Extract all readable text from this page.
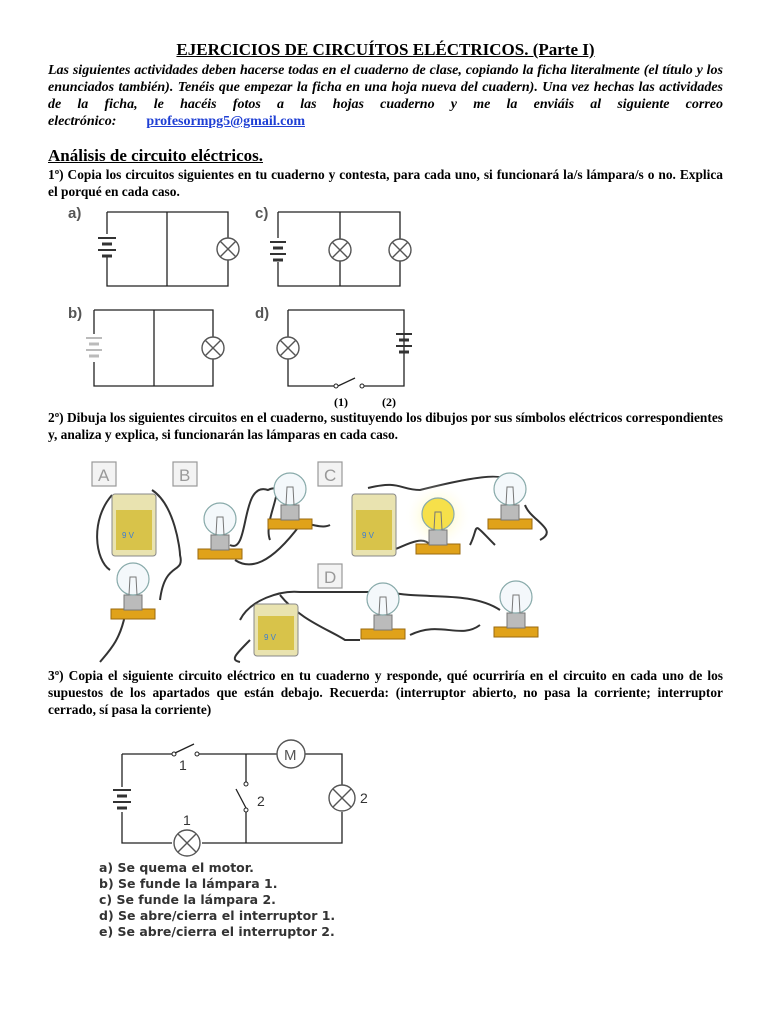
EJERCICIOS DE CIRCUÍTOS ELÉCTRICOS. (Parte I)

Las siguientes actividades deben hacerse todas en el cuaderno de clase, copiando la ficha literalmente (el título y los enunciados también). Tenéis que empezar la ficha en una hoja nueva del cuadern). Una vez hechas las actividades de la ficha, le hacéis fotos a las hojas cuaderno y me la enviáis al siguiente correo electrónico: profesormpg5@gmail.com

Análisis de circuito eléctricos.

1º) Copia los circuitos siguientes en tu cuaderno y contesta, para cada uno, si funcionará la/s lámpara/s o no. Explica el porqué en cada caso.

a)
b)
c)
d)
(1)	(2)

2º) Dibuja los siguientes circuitos en el cuaderno, sustituyendo los dibujos por sus símbolos eléctricos correspondientes y, analiza y explica, si funcionarán las lámparas en cada caso.

A	B	C
D
9 V	9 V
9 V

3º) Copia el siguiente circuito eléctrico en tu cuaderno y responde, qué ocurriría en el circuito en cada uno de los supuestos de los apartados que están debajo. Recuerda: (interruptor abierto, no pasa la corriente; interruptor cerrado, sí pasa la corriente)

M
1
2
1
2
a) Se quema el motor.
b) Se funde la lámpara 1.
c) Se funde la lámpara 2.
d) Se abre/cierra el interruptor 1.
e) Se abre/cierra el interruptor 2.
